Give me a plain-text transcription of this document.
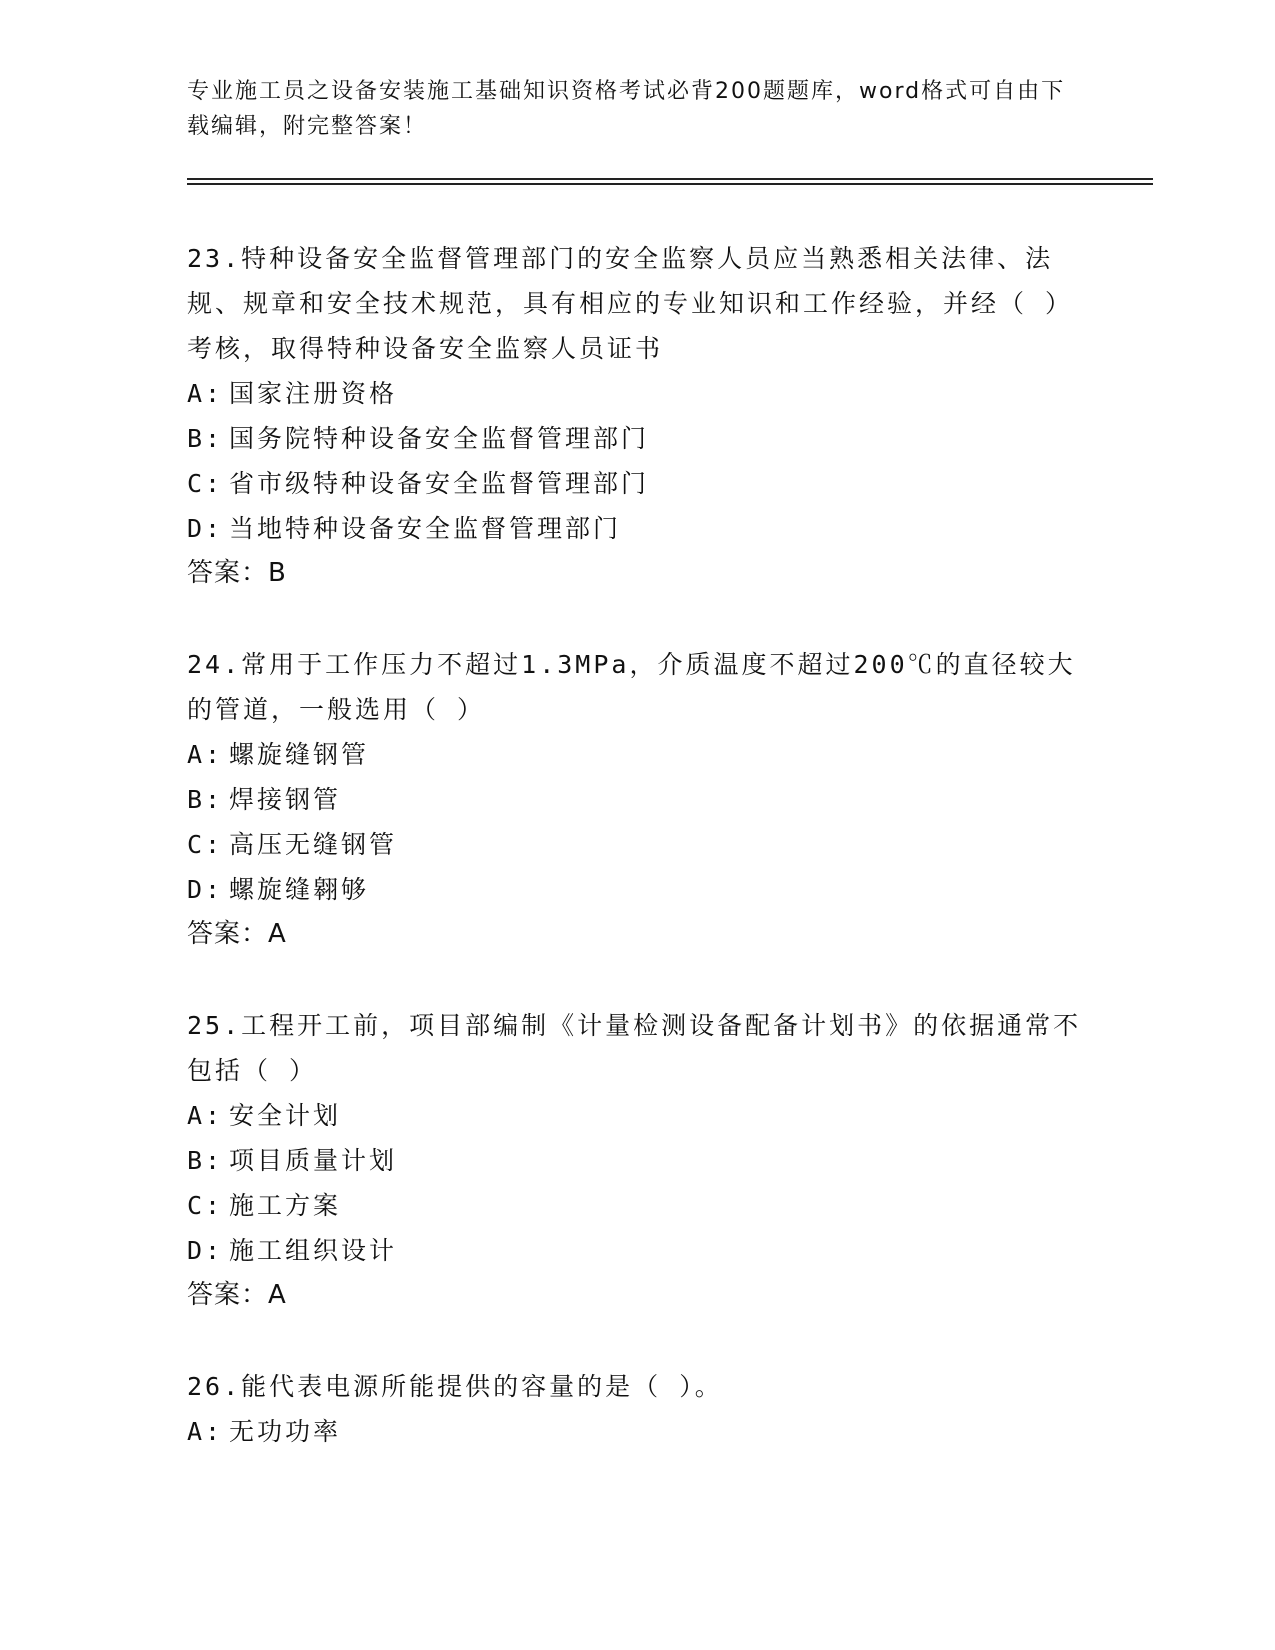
专业施工员之设备安装施工基础知识资格考试必背200题题库，word格式可自由下载编辑，附完整答案！
23.特种设备安全监督管理部门的安全监察人员应当熟悉相关法律、法规、规章和安全技术规范，具有相应的专业知识和工作经验，并经（ ）考核，取得特种设备安全监察人员证书
A: 国家注册资格
B: 国务院特种设备安全监督管理部门
C: 省市级特种设备安全监督管理部门
D: 当地特种设备安全监督管理部门
答案：B
24.常用于工作压力不超过1.3MPa，介质温度不超过200℃的直径较大的管道，一般选用（ ）
A: 螺旋缝钢管
B: 焊接钢管
C: 高压无缝钢管
D: 螺旋缝翱够
答案：A
25.工程开工前，项目部编制《计量检测设备配备计划书》的依据通常不包括（ ）
A: 安全计划
B: 项目质量计划
C: 施工方案
D: 施工组织设计
答案：A
26.能代表电源所能提供的容量的是（ ）。
A: 无功功率
